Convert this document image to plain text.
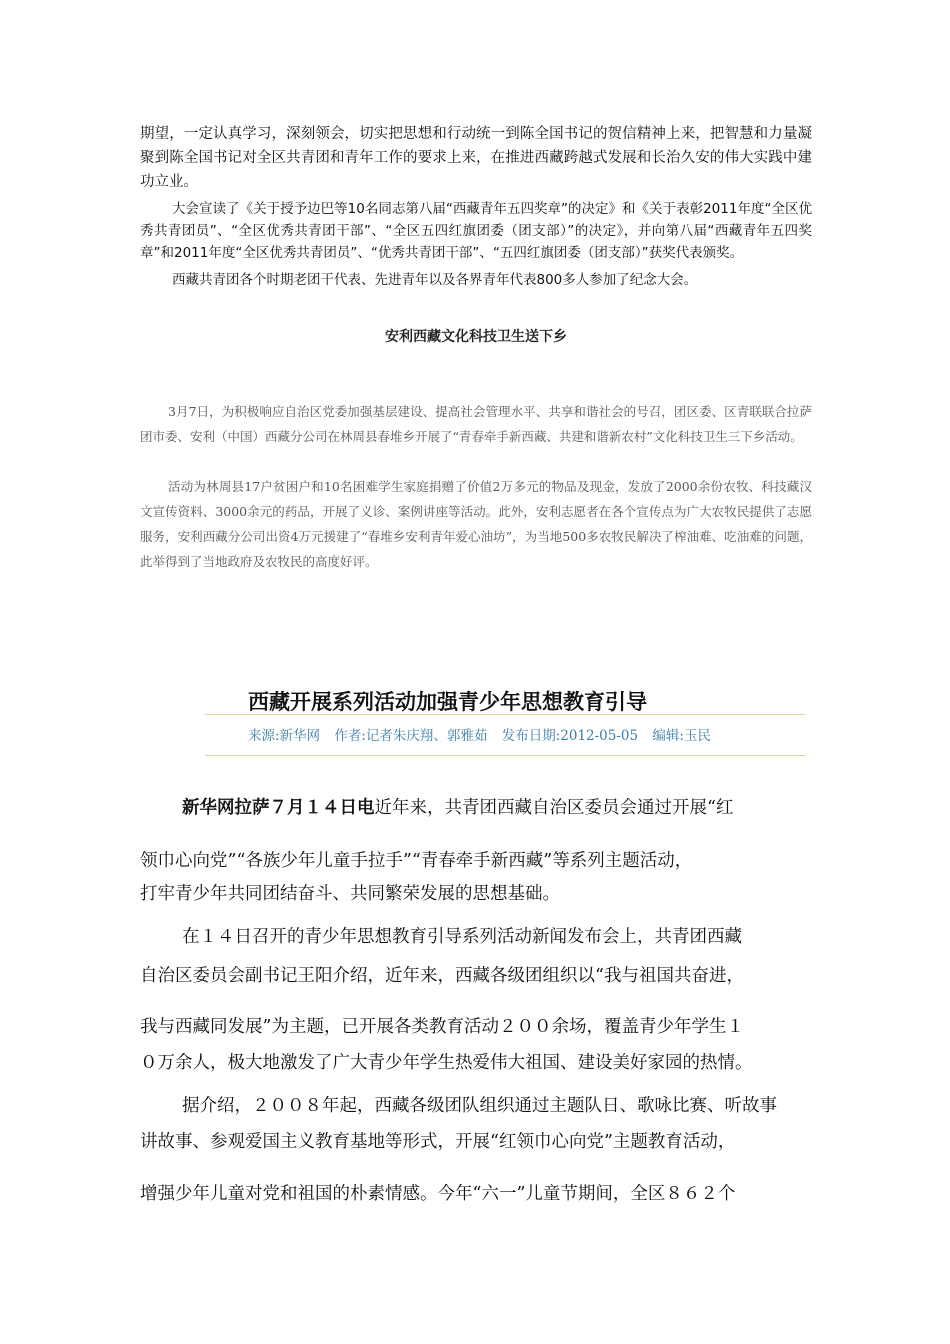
期望，一定认真学习，深刻领会，切实把思想和行动统一到陈全国书记的贺信精神上来，把智慧和力量凝聚到陈全国书记对全区共青团和青年工作的要求上来，在推进西藏跨越式发展和长治久安的伟大实践中建功立业。

大会宣读了《关于授予边巴等10名同志第八届“西藏青年五四奖章”的决定》和《关于表彰2011年度“全区优秀共青团员”、“全区优秀共青团干部”、“全区五四红旗团委（团支部）”的决定》，并向第八届“西藏青年五四奖章”和2011年度“全区优秀共青团员”、“优秀共青团干部”、“五四红旗团委（团支部）”获奖代表颁奖。

西藏共青团各个时期老团干代表、先进青年以及各界青年代表800多人参加了纪念大会。

安利西藏文化科技卫生送下乡

3月7日，为积极响应自治区党委加强基层建设、提高社会管理水平、共享和谐社会的号召，团区委、区青联联合拉萨团市委、安利（中国）西藏分公司在林周县春堆乡开展了“青春牵手新西藏、共建和谐新农村”文化科技卫生三下乡活动。

活动为林周县17户贫困户和10名困难学生家庭捐赠了价值2万多元的物品及现金，发放了2000余份农牧、科技藏汉文宣传资料、3000余元的药品，开展了义诊、案例讲座等活动。此外，安利志愿者在各个宣传点为广大农牧民提供了志愿服务，安利西藏分公司出资4万元援建了“春堆乡安利青年爱心油坊”，为当地500多农牧民解决了榨油难、吃油难的问题，此举得到了当地政府及农牧民的高度好评。

西藏开展系列活动加强青少年思想教育引导
来源:新华网 作者:记者朱庆翔、郭雅茹 发布日期:2012-05-05 编辑:玉民
新华网拉萨７月１４日电近年来，共青团西藏自治区委员会通过开展“红
领巾心向党”“各族少年儿童手拉手”“青春牵手新西藏”等系列主题活动，
打牢青少年共同团结奋斗、共同繁荣发展的思想基础。
在１４日召开的青少年思想教育引导系列活动新闻发布会上，共青团西藏
自治区委员会副书记王阳介绍，近年来，西藏各级团组织以“我与祖国共奋进，
我与西藏同发展”为主题，已开展各类教育活动２００余场，覆盖青少年学生１
０万余人，极大地激发了广大青少年学生热爱伟大祖国、建设美好家园的热情。
据介绍，２００８年起，西藏各级团队组织通过主题队日、歌咏比赛、听故事
讲故事、参观爱国主义教育基地等形式，开展“红领巾心向党”主题教育活动，
增强少年儿童对党和祖国的朴素情感。今年“六一”儿童节期间，全区８６２个
